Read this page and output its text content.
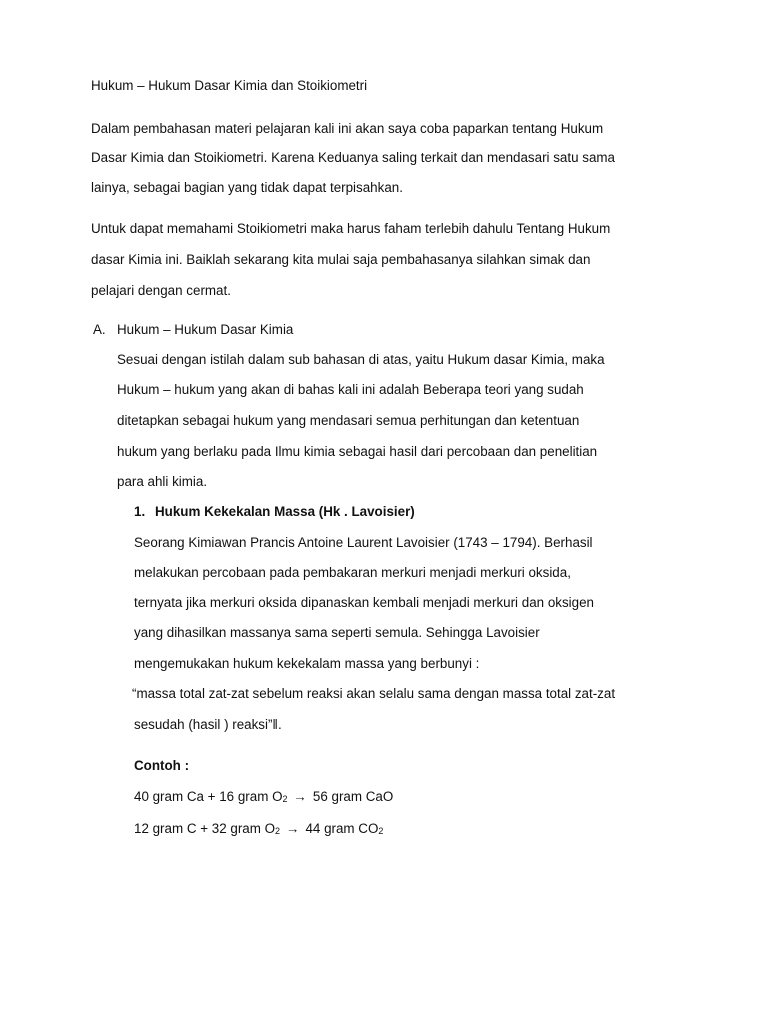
Hukum – Hukum Dasar Kimia dan Stoikiometri
Dalam pembahasan materi pelajaran kali ini akan saya coba paparkan tentang Hukum
Dasar Kimia dan Stoikiometri. Karena Keduanya saling terkait dan mendasari satu sama
lainya, sebagai bagian yang tidak dapat terpisahkan.
Untuk dapat memahami Stoikiometri maka harus faham terlebih dahulu Tentang Hukum
dasar Kimia ini. Baiklah sekarang kita mulai saja pembahasanya silahkan simak dan
pelajari dengan cermat.
A. Hukum – Hukum Dasar Kimia
Sesuai dengan istilah dalam sub bahasan di atas, yaitu Hukum dasar Kimia, maka
Hukum – hukum yang akan di bahas kali ini adalah Beberapa teori yang sudah
ditetapkan sebagai hukum yang mendasari semua perhitungan dan ketentuan
hukum yang berlaku pada Ilmu kimia sebagai hasil dari percobaan dan penelitian
para ahli kimia.
1. Hukum Kekekalan Massa (Hk . Lavoisier)
Seorang Kimiawan Prancis Antoine Laurent Lavoisier (1743 – 1794). Berhasil
melakukan percobaan pada pembakaran merkuri menjadi merkuri oksida,
ternyata jika merkuri oksida dipanaskan kembali menjadi merkuri dan oksigen
yang dihasilkan massanya sama seperti semula. Sehingga Lavoisier
mengemukakan hukum kekekalam massa yang berbunyi :
“massa total zat-zat sebelum reaksi akan selalu sama dengan massa total zat-zat
sesudah (hasil ) reaksi”‖.
Contoh :
40 gram Ca + 16 gram $O_2 \to 56$ gram CaO
12 gram C + 32 gram $O_2 \to 44$ gram $CO_2$
